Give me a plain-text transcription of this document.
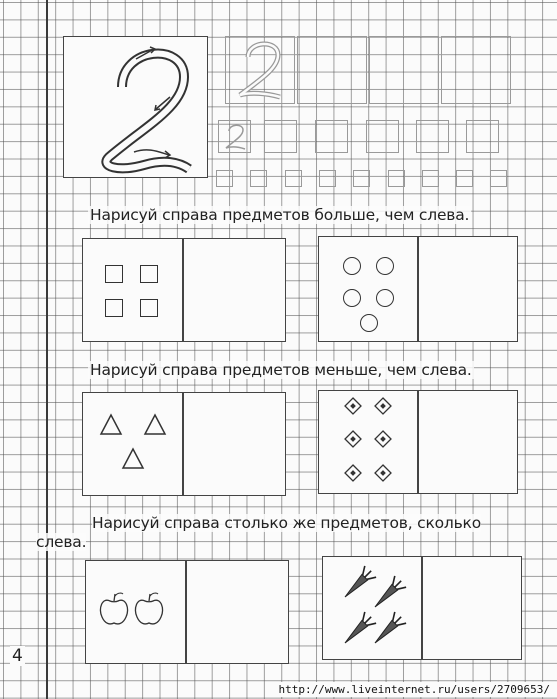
Нарисуй справа предметов больше, чем слева.
Нарисуй справа предметов меньше, чем слева.
Нарисуй справа столько же предметов, сколько слева.
4
http://www.liveinternet.ru/users/2709653/
